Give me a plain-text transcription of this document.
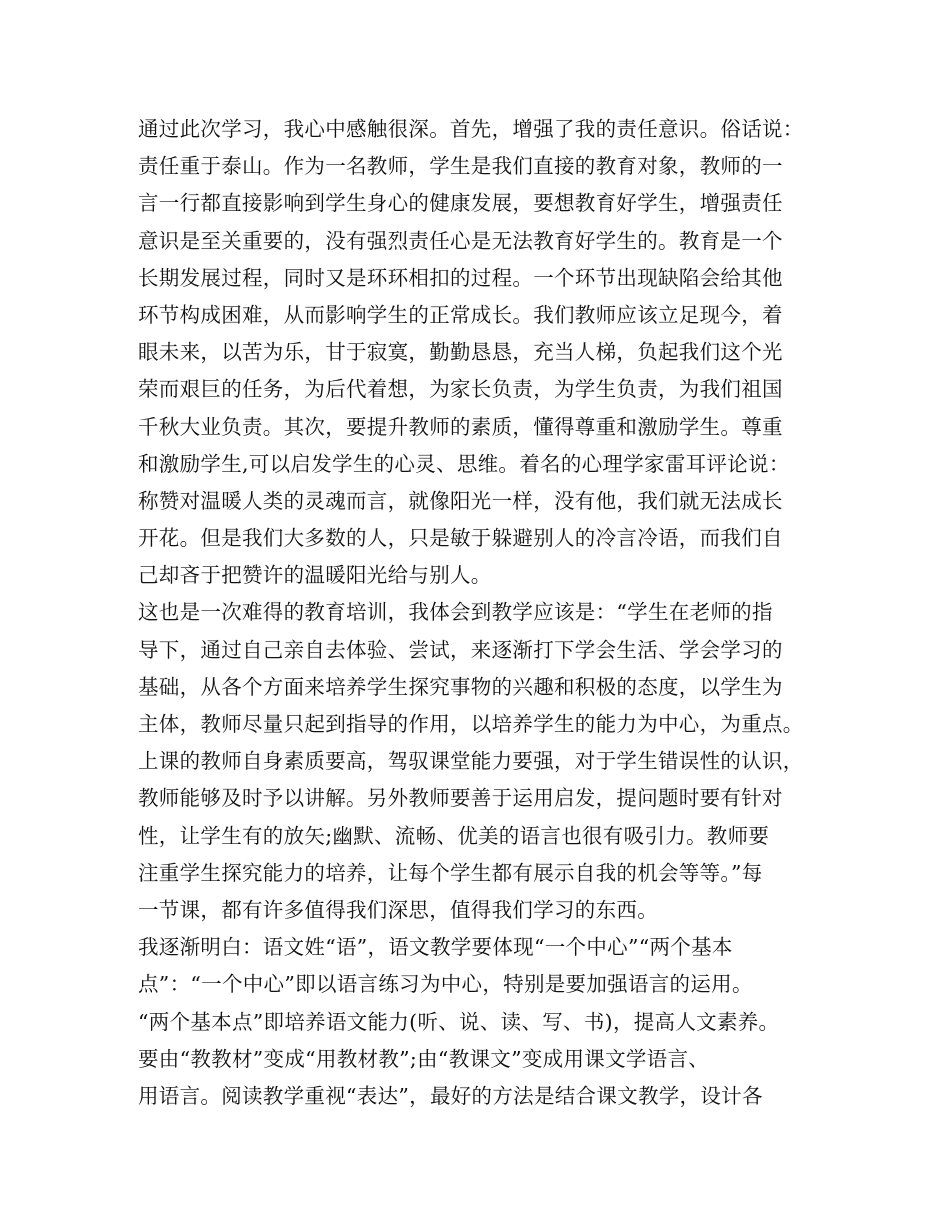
通过此次学习，我心中感触很深。首先，增强了我的责任意识。俗话说：
责任重于泰山。作为一名教师，学生是我们直接的教育对象，教师的一
言一行都直接影响到学生身心的健康发展，要想教育好学生，增强责任
意识是至关重要的，没有强烈责任心是无法教育好学生的。教育是一个
长期发展过程，同时又是环环相扣的过程。一个环节出现缺陷会给其他
环节构成困难，从而影响学生的正常成长。我们教师应该立足现今，着
眼未来，以苦为乐，甘于寂寞，勤勤恳恳，充当人梯，负起我们这个光
荣而艰巨的任务，为后代着想，为家长负责，为学生负责，为我们祖国
千秋大业负责。其次，要提升教师的素质，懂得尊重和激励学生。尊重
和激励学生,可以启发学生的心灵、思维。着名的心理学家雷耳评论说：
称赞对温暖人类的灵魂而言，就像阳光一样，没有他，我们就无法成长
开花。但是我们大多数的人，只是敏于躲避别人的冷言冷语，而我们自
己却吝于把赞许的温暖阳光给与别人。
这也是一次难得的教育培训，我体会到教学应该是：“学生在老师的指
导下，通过自己亲自去体验、尝试，来逐渐打下学会生活、学会学习的
基础，从各个方面来培养学生探究事物的兴趣和积极的态度，以学生为
主体，教师尽量只起到指导的作用，以培养学生的能力为中心，为重点。
上课的教师自身素质要高，驾驭课堂能力要强，对于学生错误性的认识，
教师能够及时予以讲解。另外教师要善于运用启发，提问题时要有针对
性，让学生有的放矢;幽默、流畅、优美的语言也很有吸引力。教师要
注重学生探究能力的培养，让每个学生都有展示自我的机会等等。”每
一节课，都有许多值得我们深思，值得我们学习的东西。
我逐渐明白：语文姓“语”，语文教学要体现“一个中心”“两个基本
点”：“一个中心”即以语言练习为中心，特别是要加强语言的运用。
“两个基本点”即培养语文能力(听、说、读、写、书)，提高人文素养。
要由“教教材”变成“用教材教”;由“教课文”变成用课文学语言、
用语言。阅读教学重视“表达”，最好的方法是结合课文教学，设计各
